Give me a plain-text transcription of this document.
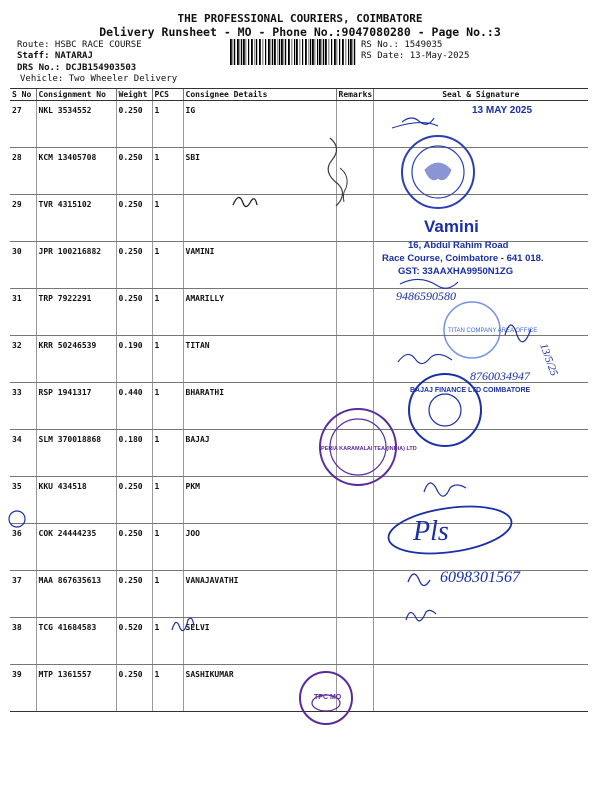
THE PROFESSIONAL COURIERS, COIMBATORE
Delivery Runsheet - MO - Phone No.:9047080280 - Page No.:3
Route: HSBC RACE COURSE
Staff: NATARAJ
DRS No.: DCJB154903503
Vehicle: Two Wheeler Delivery
RS No.: 1549035
RS Date: 13-May-2025
S No	Consignment No	Weight	PCS	Consignee Details	Remarks	Seal & Signature
27	NKL 3534552	0.250	1	IG		
28	KCM 13405708	0.250	1	SBI		
29	TVR 4315102	0.250	1			
30	JPR 100216882	0.250	1	VAMINI		
31	TRP 7922291	0.250	1	AMARILLY		
32	KRR 50246539	0.190	1	TITAN		
33	RSP 1941317	0.440	1	BHARATHI		
34	SLM 370018868	0.180	1	BAJAJ		
35	KKU 434518	0.250	1	PKM		
36	COK 24444235	0.250	1	JOO		
37	MAA 867635613	0.250	1	VANAJAVATHI		
38	TCG 41684583	0.520	1	SELVI		
39	MTP 1361557	0.250	1	SASHIKUMAR		
13 MAY 2025
Vamini
16, Abdul Rahim Road
Race Course, Coimbatore - 641 018.
GST: 33AAXHA9950N1ZG
9486590580
TITAN COMPANY AREA OFFICE
13/5/25
8760034947
BAJAJ FINANCE LTD COIMBATORE
PERIA KARAMALAI TEA (INDIA) LTD
Pls
6098301567
TPC MO
